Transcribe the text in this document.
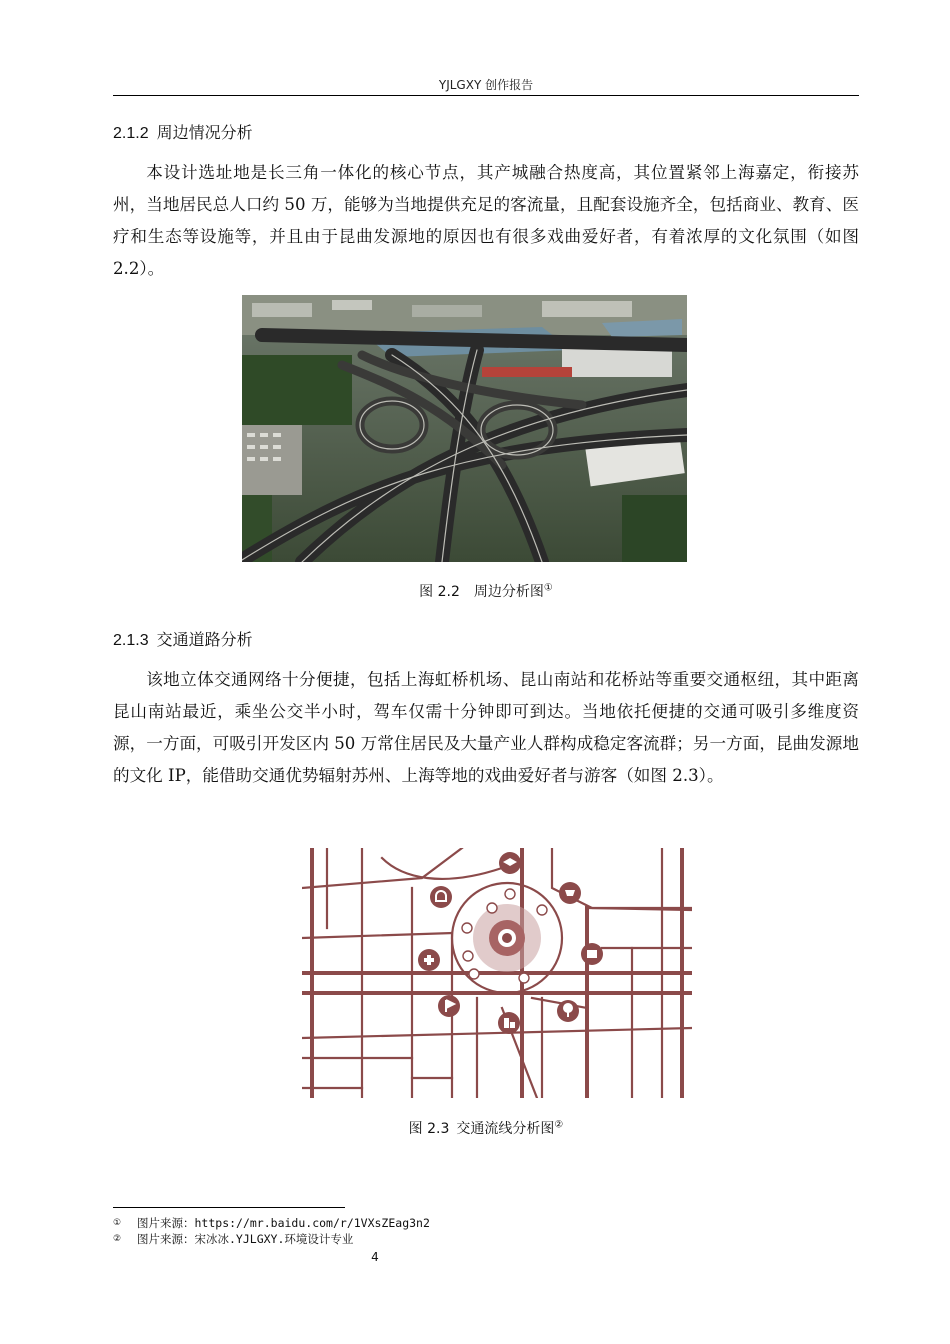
YJLGXY 创作报告
2.1.2 周边情况分析

本设计选址地是长三角一体化的核心节点，其产城融合热度高，其位置紧邻上海嘉定，衔接苏州，当地居民总人口约 50 万，能够为当地提供充足的客流量，且配套设施齐全，包括商业、教育、医疗和生态等设施等，并且由于昆曲发源地的原因也有很多戏曲爱好者，有着浓厚的文化氛围（如图 2.2）。

图 2.2  周边分析图①
2.1.3 交通道路分析

该地立体交通网络十分便捷，包括上海虹桥机场、昆山南站和花桥站等重要交通枢纽，其中距离昆山南站最近，乘坐公交半小时，驾车仅需十分钟即可到达。当地依托便捷的交通可吸引多维度资源，一方面，可吸引开发区内 50 万常住居民及大量产业人群构成稳定客流群；另一方面，昆曲发源地的文化 IP，能借助交通优势辐射苏州、上海等地的戏曲爱好者与游客（如图 2.3）。

图 2.3  交通流线分析图②
① 图片来源：https://mr.baidu.com/r/1VXsZEag3n2
② 图片来源：宋冰冰.YJLGXY.环境设计专业
4
